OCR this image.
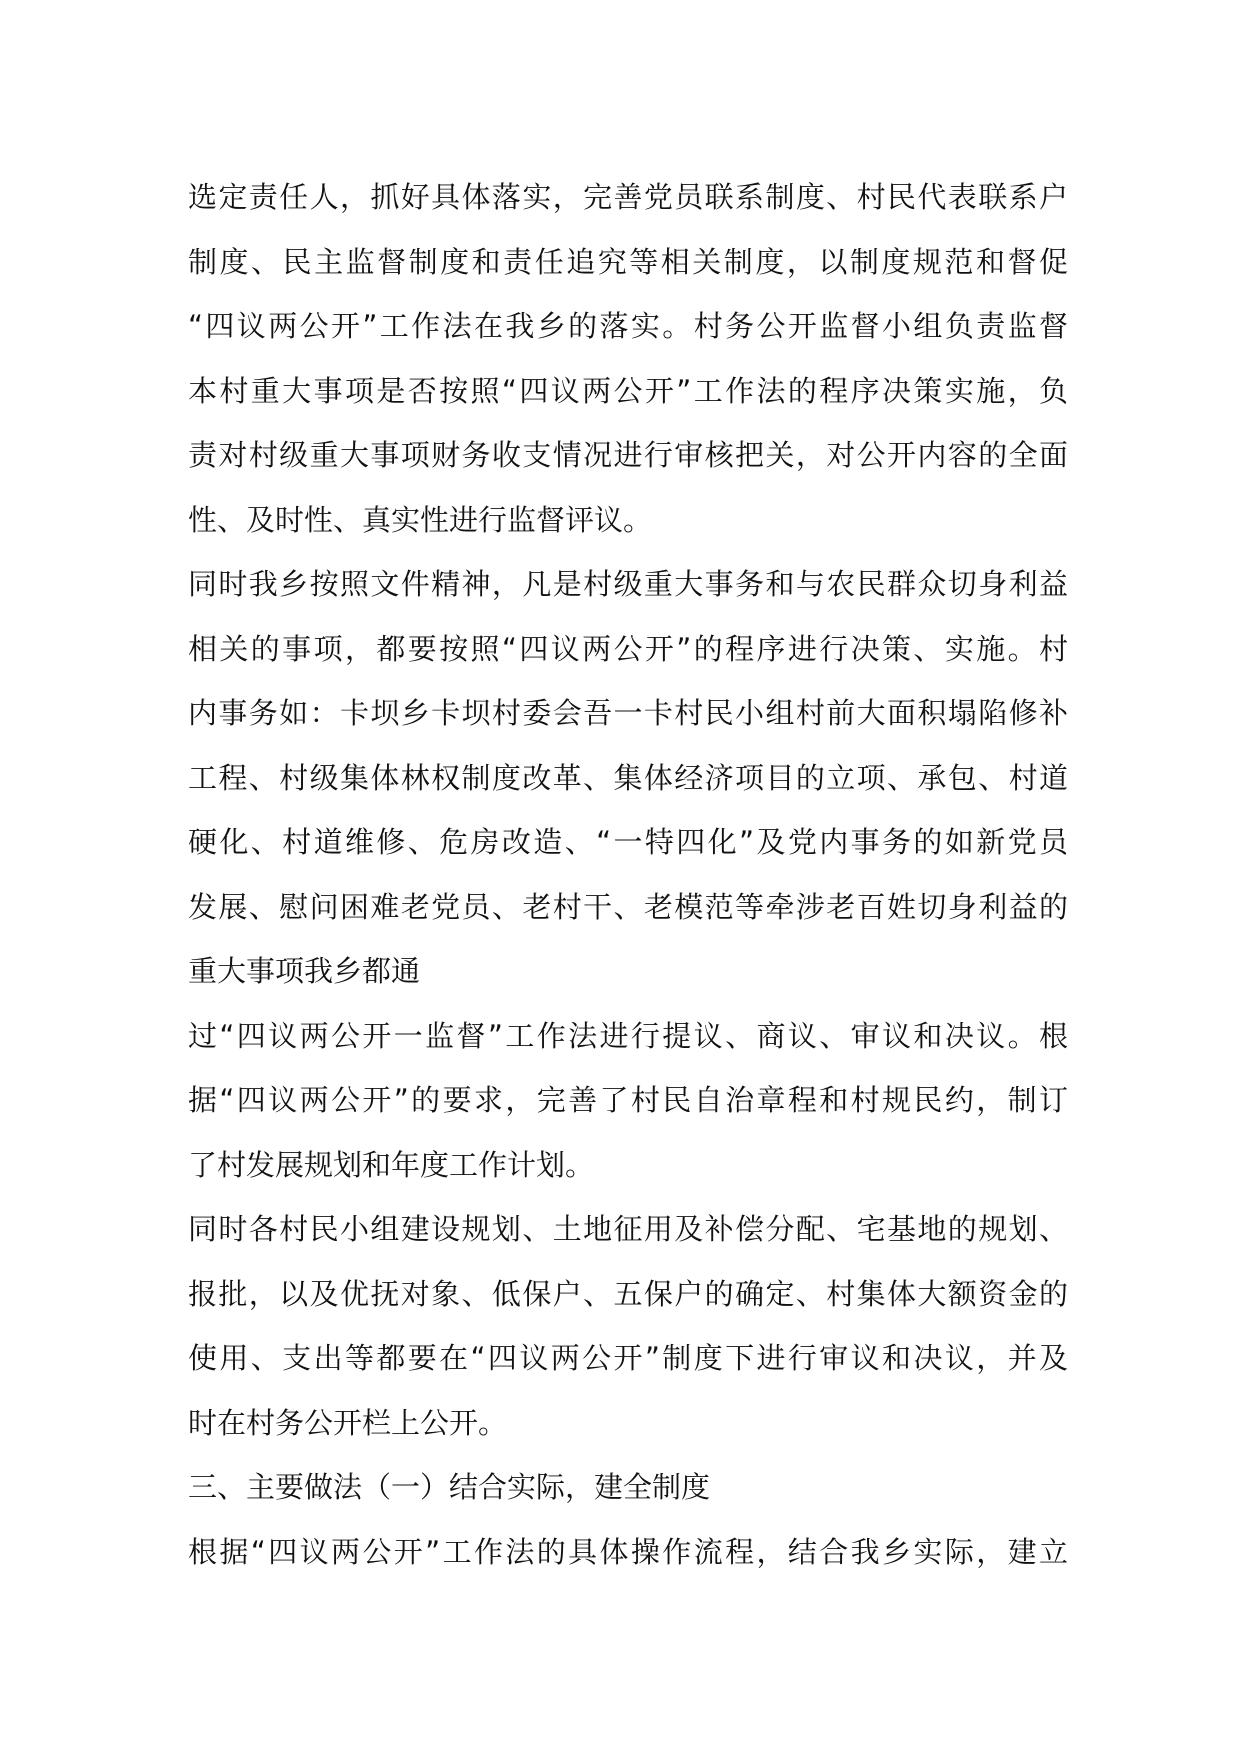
选定责任人，抓好具体落实，完善党员联系制度、村民代表联系户
制度、民主监督制度和责任追究等相关制度，以制度规范和督促
“四议两公开”工作法在我乡的落实。村务公开监督小组负责监督
本村重大事项是否按照“四议两公开”工作法的程序决策实施，负
责对村级重大事项财务收支情况进行审核把关，对公开内容的全面
性、及时性、真实性进行监督评议。
同时我乡按照文件精神，凡是村级重大事务和与农民群众切身利益
相关的事项，都要按照“四议两公开”的程序进行决策、实施。村
内事务如：卡坝乡卡坝村委会吾一卡村民小组村前大面积塌陷修补
工程、村级集体林权制度改革、集体经济项目的立项、承包、村道
硬化、村道维修、危房改造、“一特四化”及党内事务的如新党员
发展、慰问困难老党员、老村干、老模范等牵涉老百姓切身利益的
重大事项我乡都通
过“四议两公开一监督”工作法进行提议、商议、审议和决议。根
据“四议两公开”的要求，完善了村民自治章程和村规民约，制订
了村发展规划和年度工作计划。
同时各村民小组建设规划、土地征用及补偿分配、宅基地的规划、
报批，以及优抚对象、低保户、五保户的确定、村集体大额资金的
使用、支出等都要在“四议两公开”制度下进行审议和决议，并及
时在村务公开栏上公开。
三、主要做法（一）结合实际，建全制度
根据“四议两公开”工作法的具体操作流程，结合我乡实际，建立
